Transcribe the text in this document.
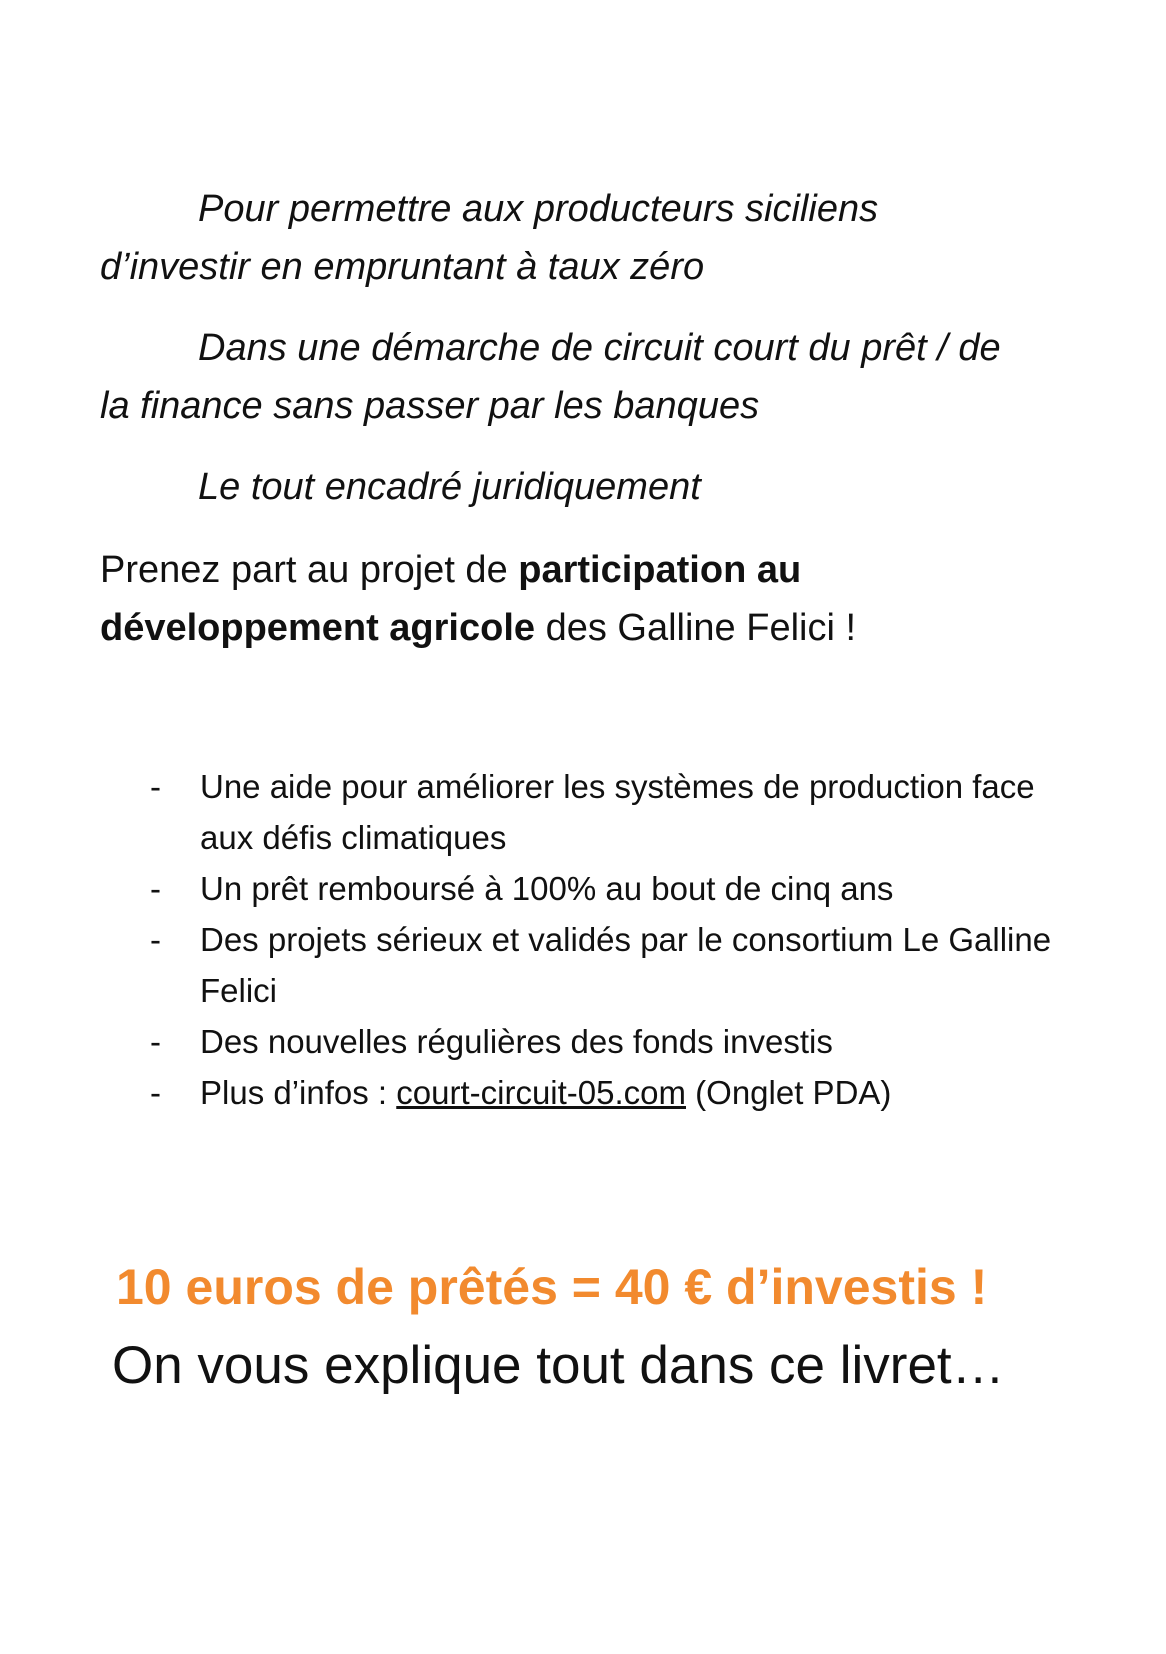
Pour permettre aux producteurs siciliens
d’investir en empruntant à taux zéro

Dans une démarche de circuit court du prêt / de
la finance sans passer par les banques

Le tout encadré juridiquement

Prenez part au projet de participation au développement agricole des Galline Felici !

- Une aide pour améliorer les systèmes de production face aux défis climatiques
- Un prêt remboursé à 100% au bout de cinq ans
- Des projets sérieux et validés par le consortium Le Galline Felici
- Des nouvelles régulières des fonds investis
- Plus d’infos : court-circuit-05.com (Onglet PDA)

10 euros de prêtés = 40 € d’investis !

On vous explique tout dans ce livret…
